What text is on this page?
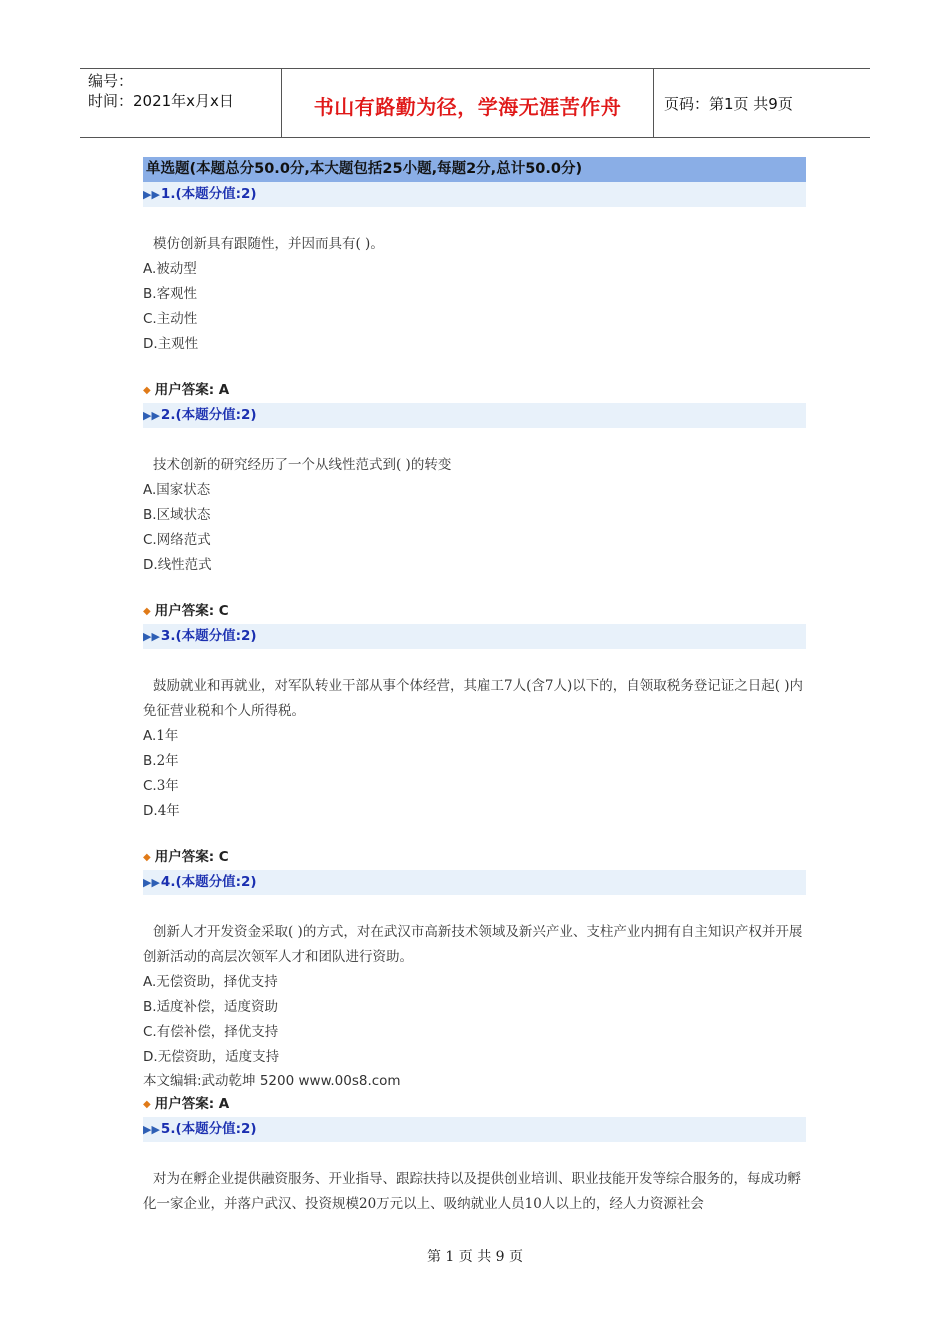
编号：
时间：2021年x月x日	书山有路勤为径，学海无涯苦作舟	页码：第1页 共9页
单选题(本题总分50.0分,本大题包括25小题,每题2分,总计50.0分)
▶▶1.(本题分值:2)

模仿创新具有跟随性，并因而具有( )。

A.被动型
B.客观性
C.主动性
D.主观性
◆ 用户答案: A
▶▶2.(本题分值:2)

技术创新的研究经历了一个从线性范式到( )的转变

A.国家状态
B.区域状态
C.网络范式
D.线性范式
◆ 用户答案: C
▶▶3.(本题分值:2)

鼓励就业和再就业，对军队转业干部从事个体经营，其雇工7人(含7人)以下的，自领取税务登记证之日起( )内免征营业税和个人所得税。

A.1年
B.2年
C.3年
D.4年
◆ 用户答案: C
▶▶4.(本题分值:2)

创新人才开发资金采取( )的方式，对在武汉市高新技术领域及新兴产业、支柱产业内拥有自主知识产权并开展创新活动的高层次领军人才和团队进行资助。

A.无偿资助，择优支持
B.适度补偿，适度资助
C.有偿补偿，择优支持
D.无偿资助，适度支持
本文编辑:武动乾坤 5200 www.00s8.com
◆ 用户答案: A
▶▶5.(本题分值:2)

对为在孵企业提供融资服务、开业指导、跟踪扶持以及提供创业培训、职业技能开发等综合服务的，每成功孵化一家企业，并落户武汉、投资规模20万元以上、吸纳就业人员10人以上的，经人力资源社会

第 1 页 共 9 页
